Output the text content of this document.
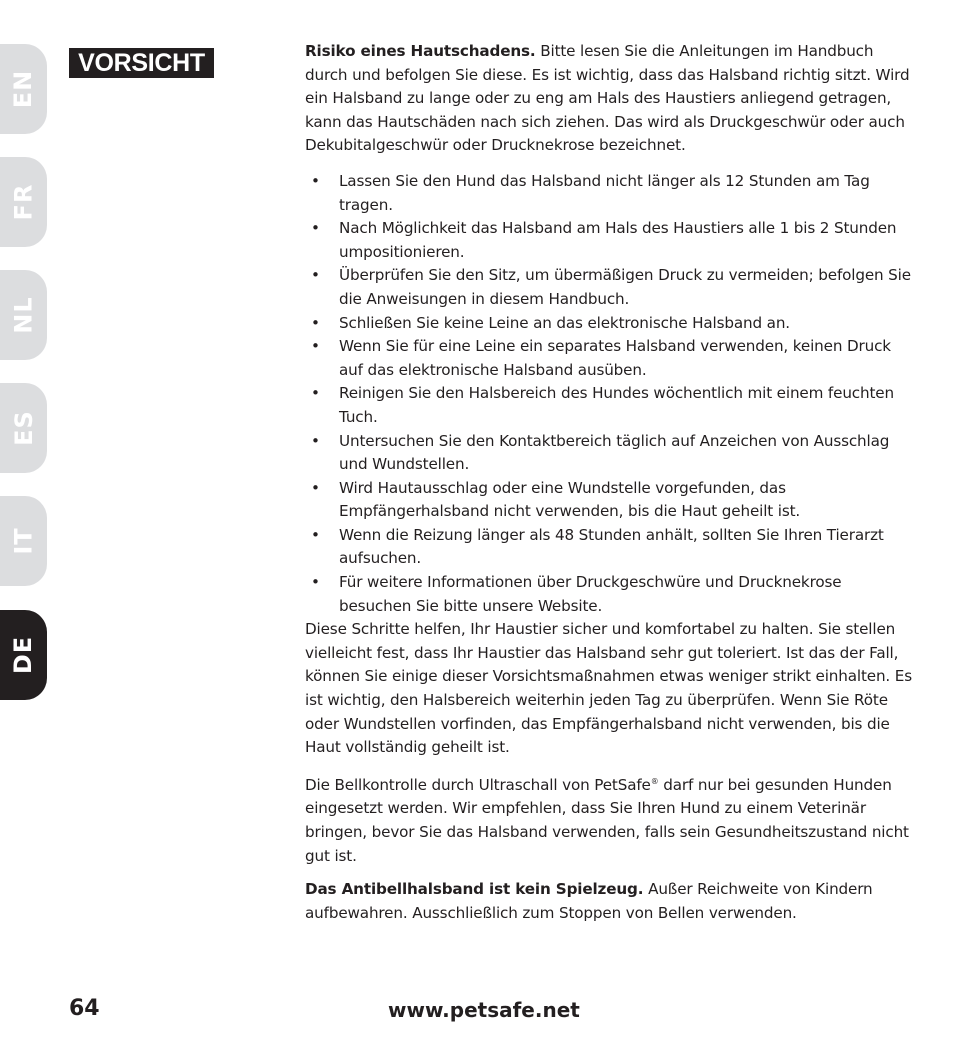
EN
FR
NL
ES
IT
DE
VORSICHT	Risiko eines Hautschadens. Bitte lesen Sie die Anleitungen im Handbuch durch und befolgen Sie diese. Es ist wichtig, dass das Halsband richtig sitzt. Wird ein Halsband zu lange oder zu eng am Hals des Haustiers anliegend getragen, kann das Hautschäden nach sich ziehen. Das wird als Druckgeschwür oder auch Dekubitalgeschwür oder Drucknekrose bezeichnet.

• Lassen Sie den Hund das Halsband nicht länger als 12 Stunden am Tag tragen.
• Nach Möglichkeit das Halsband am Hals des Haustiers alle 1 bis 2 Stunden umpositionieren.
• Überprüfen Sie den Sitz, um übermäßigen Druck zu vermeiden; befolgen Sie die Anweisungen in diesem Handbuch.
• Schließen Sie keine Leine an das elektronische Halsband an.
• Wenn Sie für eine Leine ein separates Halsband verwenden, keinen Druck auf das elektronische Halsband ausüben.
• Reinigen Sie den Halsbereich des Hundes wöchentlich mit einem feuchten Tuch.
• Untersuchen Sie den Kontaktbereich täglich auf Anzeichen von Ausschlag und Wundstellen.
• Wird Hautausschlag oder eine Wundstelle vorgefunden, das Empfängerhalsband nicht verwenden, bis die Haut geheilt ist.
• Wenn die Reizung länger als 48 Stunden anhält, sollten Sie Ihren Tierarzt aufsuchen.
• Für weitere Informationen über Druckgeschwüre und Drucknekrose besuchen Sie bitte unsere Website.

Diese Schritte helfen, Ihr Haustier sicher und komfortabel zu halten. Sie stellen vielleicht fest, dass Ihr Haustier das Halsband sehr gut toleriert. Ist das der Fall, können Sie einige dieser Vorsichtsmaßnahmen etwas weniger strikt einhalten. Es ist wichtig, den Halsbereich weiterhin jeden Tag zu überprüfen. Wenn Sie Röte oder Wundstellen vorfinden, das Empfängerhalsband nicht verwenden, bis die Haut vollständig geheilt ist.

Die Bellkontrolle durch Ultraschall von PetSafe® darf nur bei gesunden Hunden eingesetzt werden. Wir empfehlen, dass Sie Ihren Hund zu einem Veterinär bringen, bevor Sie das Halsband verwenden, falls sein Gesundheitszustand nicht gut ist.

Das Antibellhalsband ist kein Spielzeug. Außer Reichweite von Kindern aufbewahren. Ausschließlich zum Stoppen von Bellen verwenden.

64	www.petsafe.net
